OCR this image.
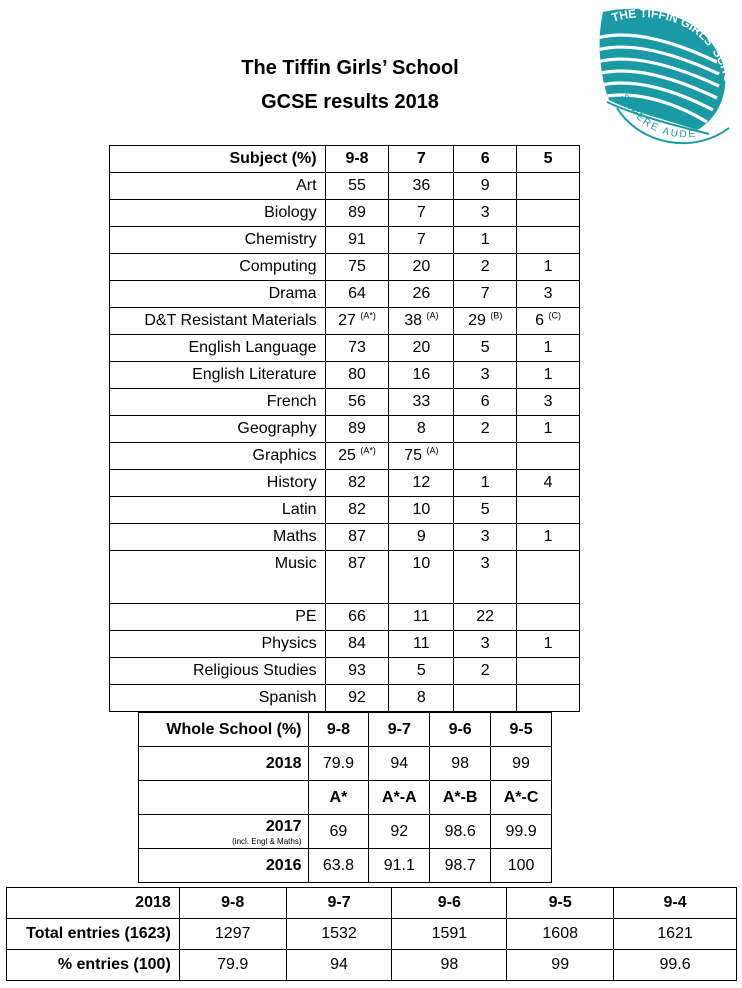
The Tiffin Girls’ School
GCSE results 2018
THE TIFFIN GIRLS’ SCHOOL
SAPERE AUDE
Subject (%)	9-8	7	6	5
Art	55	36	9	
Biology	89	7	3	
Chemistry	91	7	1	
Computing	75	20	2	1
Drama	64	26	7	3
D&T Resistant Materials	27 $^{(A*)}$	38 $^{(A)}$	29 $^{(B)}$	6 $^{(C)}$
English Language	73	20	5	1
English Literature	80	16	3	1
French	56	33	6	3
Geography	89	8	2	1
Graphics	25 $^{(A*)}$	75 $^{(A)}$		
History	82	12	1	4
Latin	82	10	5	
Maths	87	9	3	1
Music	87	10	3	
PE	66	11	22	
Physics	84	11	3	1
Religious Studies	93	5	2	
Spanish	92	8		
Whole School (%)	9-8	9-7	9-6	9-5
2018	79.9	94	98	99
	A*	A*-A	A*-B	A*-C
2017
(incl. Engl & Maths)	69	92	98.6	99.9
2016	63.8	91.1	98.7	100
2018	9-8	9-7	9-6	9-5	9-4
Total entries (1623)	1297	1532	1591	1608	1621
% entries (100)	79.9	94	98	99	99.6
